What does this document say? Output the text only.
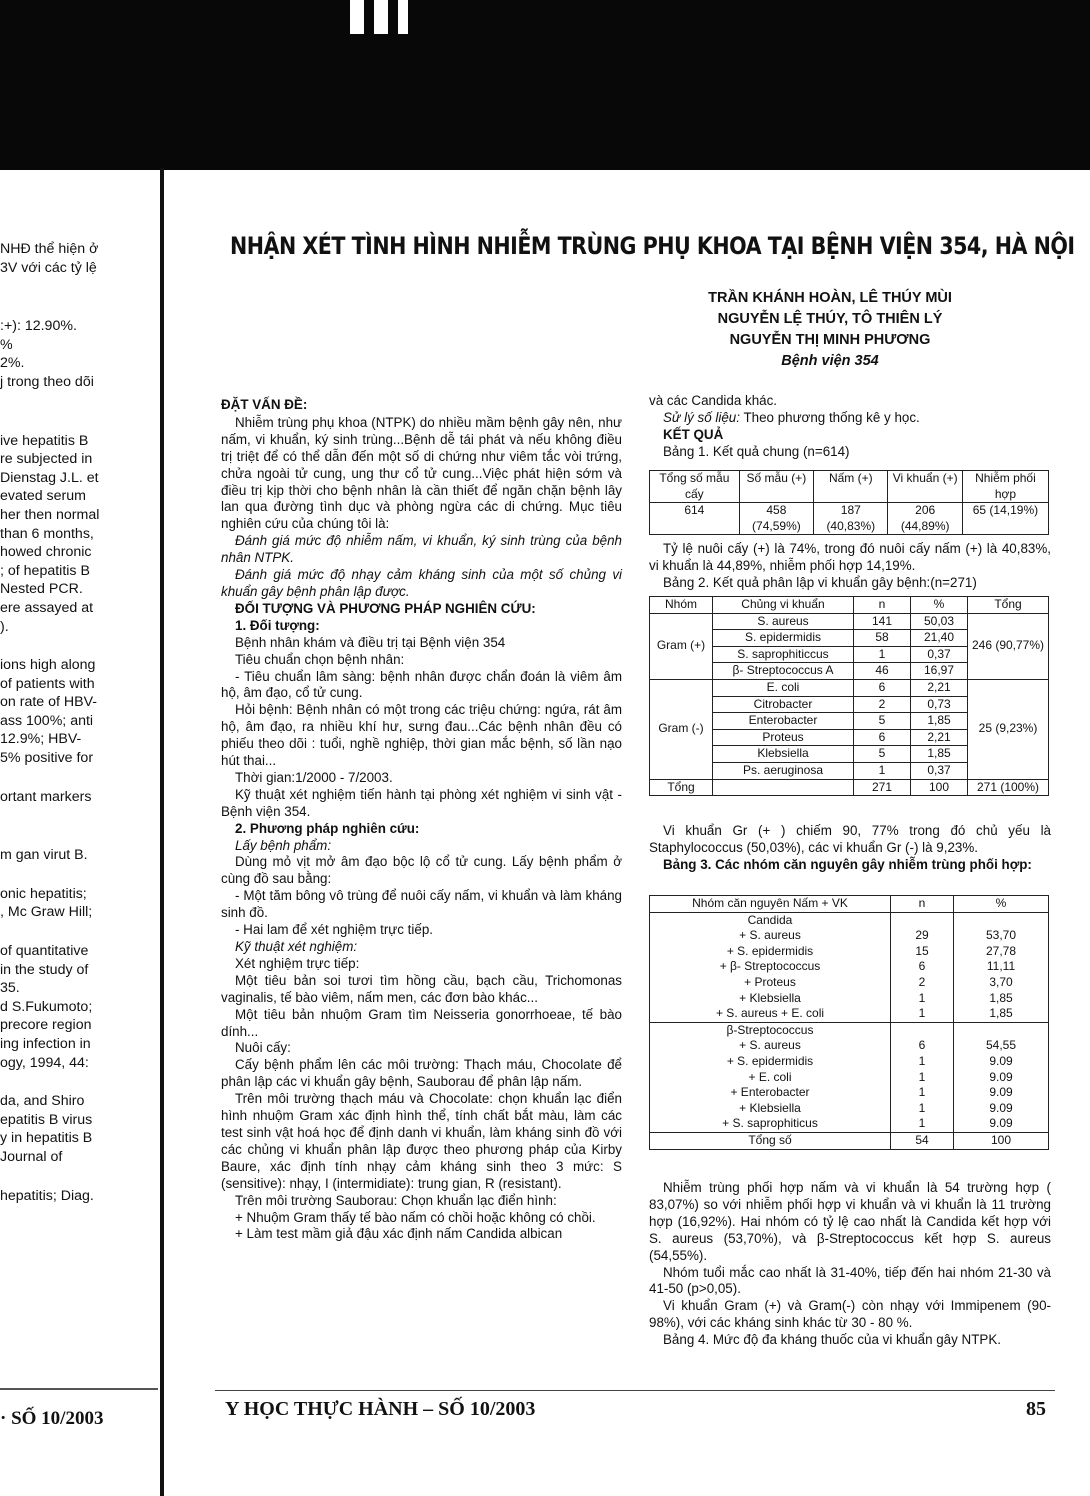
NHĐ thể hiện ở
3V với các tỷ lệ
:+): 12.90%.
%
2%.
j trong theo dõi
ive hepatitis B
re subjected in
Dienstag J.L. et
evated serum
her then normal
than 6 months,
howed chronic
; of hepatitis B
Nested PCR.
ere assayed at
).
ions high along
of patients with
on rate of HBV-
ass 100%; anti
12.9%; HBV-
5% positive for
ortant markers
m gan virut B.
onic hepatitis;
, Mc Graw Hill;
of quantitative
in the study of
35.
d S.Fukumoto;
precore region
ing infection in
ogy, 1994, 44:
da, and Shiro
epatitis B virus
y in hepatitis B
Journal of
hepatitis; Diag.
NHẬN XÉT TÌNH HÌNH NHIỄM TRÙNG PHỤ KHOA TẠI BỆNH VIỆN 354, HÀ NỘI
TRẦN KHÁNH HOÀN, LÊ THÚY MÙI
NGUYỄN LỆ THÚY, TÔ THIÊN LÝ
NGUYỄN THỊ MINH PHƯƠNG
Bệnh viện 354

ĐẶT VẤN ĐỀ:

Nhiễm trùng phụ khoa (NTPK) do nhiều mầm bệnh gây nên, như nấm, vi khuẩn, ký sinh trùng...Bệnh dễ tái phát và nếu không điều trị triệt để có thể dẫn đến một số di chứng như viêm tắc vòi trứng, chửa ngoài tử cung, ung thư cổ tử cung...Việc phát hiện sớm và điều trị kịp thời cho bệnh nhân là cần thiết để ngăn chặn bệnh lây lan qua đường tình dục và phòng ngừa các di chứng. Mục tiêu nghiên cứu của chúng tôi là:

Đánh giá mức độ nhiễm nấm, vi khuẩn, ký sinh trùng của bệnh nhân NTPK.

Đánh giá mức độ nhạy cảm kháng sinh của một số chủng vi khuẩn gây bệnh phân lập được.

ĐỐI TƯỢNG VÀ PHƯƠNG PHÁP NGHIÊN CỨU:

1. Đối tượng:

Bệnh nhân khám và điều trị tại Bệnh viện 354

Tiêu chuẩn chọn bệnh nhân:

- Tiêu chuẩn lâm sàng: bệnh nhân được chẩn đoán là viêm âm hộ, âm đạo, cổ tử cung.

Hỏi bệnh: Bệnh nhân có một trong các triệu chứng: ngứa, rát âm hộ, âm đạo, ra nhiều khí hư, sưng đau...Các bệnh nhân đều có phiếu theo dõi : tuổi, nghề nghiệp, thời gian mắc bệnh, số lần nạo hút thai...

Thời gian:1/2000 - 7/2003.

Kỹ thuật xét nghiệm tiến hành tại phòng xét nghiệm vi sinh vật - Bệnh viện 354.

2. Phương pháp nghiên cứu:

Lấy bệnh phẩm:

Dùng mỏ vịt mở âm đạo bộc lộ cổ tử cung. Lấy bệnh phẩm ở cùng đồ sau bằng:

- Một tăm bông vô trùng để nuôi cấy nấm, vi khuẩn và làm kháng sinh đồ.

- Hai lam để xét nghiệm trực tiếp.

Kỹ thuật xét nghiệm:

Xét nghiệm trực tiếp:

Một tiêu bản soi tươi tìm hồng cầu, bạch cầu, Trichomonas vaginalis, tế bào viêm, nấm men, các đơn bào khác...

Một tiêu bản nhuộm Gram tìm Neisseria gonorrhoeae, tế bào dính...

Nuôi cấy:

Cấy bệnh phẩm lên các môi trường: Thạch máu, Chocolate để phân lập các vi khuẩn gây bệnh, Sauborau để phân lập nấm.

Trên môi trường thạch máu và Chocolate: chọn khuẩn lạc điển hình nhuộm Gram xác định hình thể, tính chất bắt màu, làm các test sinh vật hoá học để định danh vi khuẩn, làm kháng sinh đồ với các chủng vi khuẩn phân lập được theo phương pháp của Kirby Baure, xác định tính nhạy cảm kháng sinh theo 3 mức: S (sensitive): nhạy, I (intermidiate): trung gian, R (resistant).

Trên môi trường Sauborau: Chọn khuẩn lạc điển hình:

+ Nhuộm Gram thấy tế bào nấm có chồi hoặc không có chồi.

+ Làm test mầm giả đậu xác định nấm Candida albican

và các Candida khác.

Sử lý số liệu: Theo phương thống kê y học.

KẾT QUẢ

Bảng 1. Kết quả chung (n=614)

Tổng số mẫu cấy	Số mẫu (+)	Nấm (+)	Vi khuẩn (+)	Nhiễm phối hợp
614	458 (74,59%)	187 (40,83%)	206 (44,89%)	65 (14,19%)

Tỷ lệ nuôi cấy (+) là 74%, trong đó nuôi cấy nấm (+) là 40,83%, vi khuẩn là 44,89%, nhiễm phối hợp 14,19%.

Bảng 2. Kết quả phân lập vi khuẩn gây bệnh:(n=271)

Nhóm	Chủng vi khuẩn	n	%	Tổng
Gram (+)	S. aureus	141	50,03	246 (90,77%)
	S. epidermidis	58	21,40	
	S. saprophiticcus	1	0,37	
	β- Streptococcus A	46	16,97	
Gram (-)	E. coli	6	2,21	25 (9,23%)
	Citrobacter	2	0,73	
	Enterobacter	5	1,85	
	Proteus	6	2,21	
	Klebsiella	5	1,85	
	Ps. aeruginosa	1	0,37	
Tổng		271	100	271 (100%)

Vi khuẩn Gr (+ ) chiếm 90, 77% trong đó chủ yếu là Staphylococcus (50,03%), các vi khuẩn Gr (-) là 9,23%.

Bảng 3. Các nhóm căn nguyên gây nhiễm trùng phối hợp:

Nhóm căn nguyên Nấm + VK	n	%
Candida		
+ S. aureus	29	53,70
+ S. epidermidis	15	27,78
+ β- Streptococcus	6	11,11
+ Proteus	2	3,70
+ Klebsiella	1	1,85
+ S. aureus + E. coli	1	1,85
β-Streptococcus		
+ S. aureus	6	54,55
+ S. epidermidis	1	9.09
+ E. coli	1	9.09
+ Enterobacter	1	9.09
+ Klebsiella	1	9.09
+ S. saprophiticus	1	9.09
Tổng số	54	100

Nhiễm trùng phối hợp nấm và vi khuẩn là 54 trường hợp ( 83,07%) so với nhiễm phối hợp vi khuẩn và vi khuẩn là 11 trường hợp (16,92%). Hai nhóm có tỷ lệ cao nhất là Candida kết hợp với S. aureus (53,70%), và β-Streptococcus kết hợp S. aureus (54,55%).

Nhóm tuổi mắc cao nhất là 31-40%, tiếp đến hai nhóm 21-30 và 41-50 (p>0,05).

Vi khuẩn Gram (+) và Gram(-) còn nhạy với Immipenem (90-98%), với các kháng sinh khác từ 30 - 80 %.

Bảng 4. Mức độ đa kháng thuốc của vi khuẩn gây NTPK.

· SỐ 10/2003	Y HỌC THỰC HÀNH – SỐ 10/2003	85
